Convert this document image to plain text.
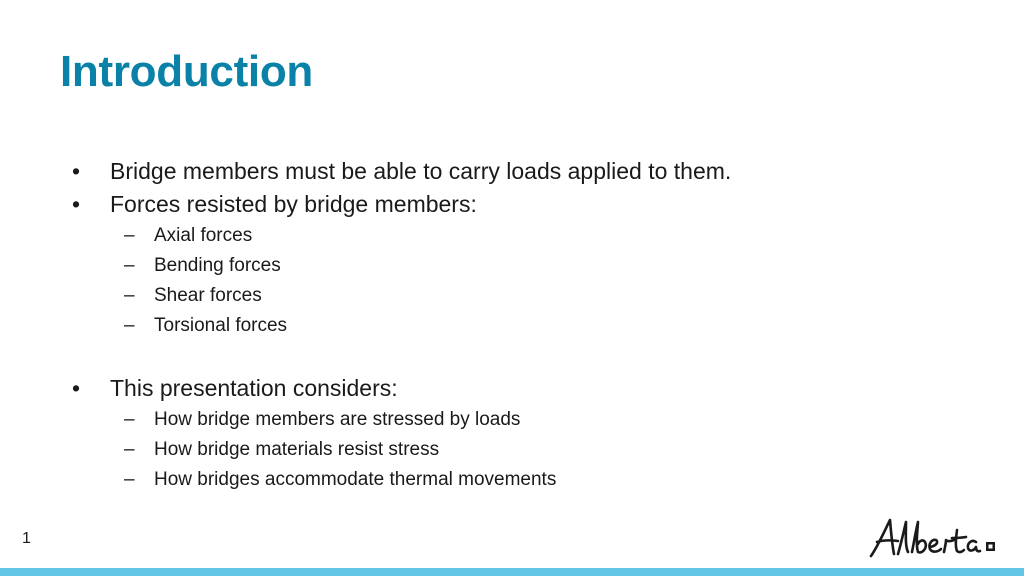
Introduction
• Bridge members must be able to carry loads applied to them.
• Forces resisted by bridge members:
– Axial forces
– Bending forces
– Shear forces
– Torsional forces
• This presentation considers:
– How bridge members are stressed by loads
– How bridge materials resist stress
– How bridges accommodate thermal movements
1
